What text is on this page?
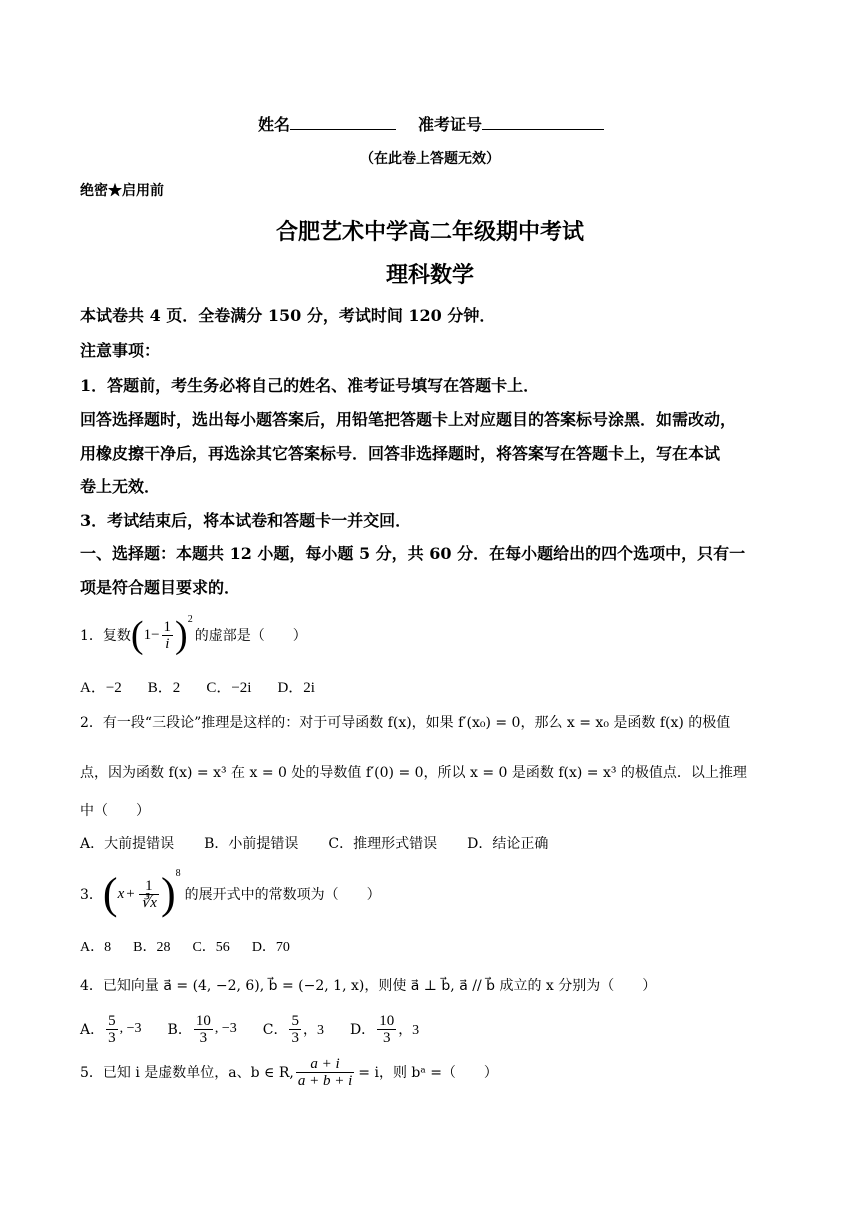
姓名	准考证号
（在此卷上答题无效）
绝密★启用前
合肥艺术中学高二年级期中考试
理科数学
本试卷共 4 页．全卷满分 150 分，考试时间 120 分钟．
注意事项：
1．答题前，考生务必将自己的姓名、准考证号填写在答题卡上．
回答选择题时，选出每小题答案后，用铅笔把答题卡上对应题目的答案标号涂黑．如需改动，
用橡皮擦干净后，再选涂其它答案标号．回答非选择题时，将答案写在答题卡上，写在本试
卷上无效．
3．考试结束后，将本试卷和答题卡一并交回．
一、选择题：本题共 12 小题，每小题 5 分，共 60 分．在每小题给出的四个选项中，只有一
项是符合题目要求的．
1．复数 ( $1 - \frac{1}{i}$ ) 2
的虚部是（　　）
A．−2 B．2 C．−2i D．2i
2．有一段“三段论”推理是这样的：对于可导函数 f(x)，如果 f′(x₀) = 0，那么 x = x₀ 是函数 f(x) 的极值
点，因为函数 f(x) = x³ 在 x = 0 处的导数值 f′(0) = 0，所以 x = 0 是函数 f(x) = x³ 的极值点．以上推理
中（　　）
A．大前提错误 B．小前提错误 C．推理形式错误 D．结论正确
3． ( $x + \frac{1}{∛x}$ ) 8
的展开式中的常数项为（　　）
A．8 B．28 C．56 D．70
4．已知向量 a⃗ = (4, −2, 6), b⃗ = (−2, 1, x)，则使 a⃗ ⊥ b⃗, a⃗ // b⃗ 成立的 x 分别为（　　）
A． $\frac{5}{3}$ , −3 B． $\frac{10}{3}$ , −3 C． $\frac{5}{3}$ ，3 D． $\frac{10}{3}$ ，3
5．已知 i 是虚数单位，a、b ∈ R, $\frac{a + i}{a + b + i} = i$，则 bᵃ =（　　）
